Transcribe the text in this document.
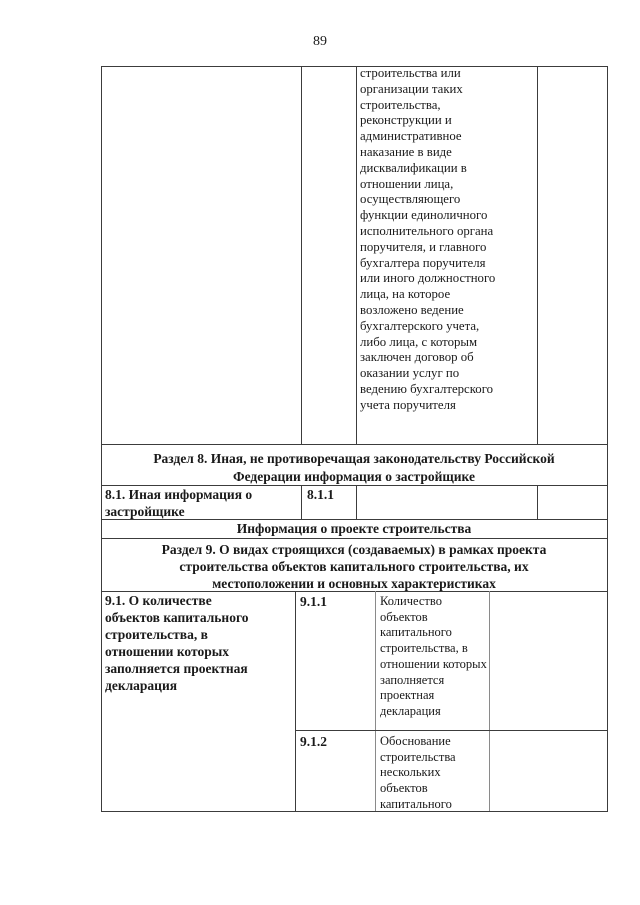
89
строительства или
организации таких
строительства,
реконструкции и
административное
наказание в виде
дисквалификации в
отношении лица,
осуществляющего
функции единоличного
исполнительного органа
поручителя, и главного
бухгалтера поручителя
или иного должностного
лица, на которое
возложено ведение
бухгалтерского учета,
либо лица, с которым
заключен договор об
оказании услуг по
ведению бухгалтерского
учета поручителя
Раздел 8. Иная, не противоречащая законодательству Российской
Федерации информация о застройщике
8.1. Иная информация о
застройщике
8.1.1
Информация о проекте строительства
Раздел 9. О видах строящихся (создаваемых) в рамках проекта
строительства объектов капитального строительства, их
местоположении и основных характеристиках
9.1. О количестве
объектов капитального
строительства, в
отношении которых
заполняется проектная
декларация
9.1.1	Количество
объектов
капитального
строительства, в
отношении которых
заполняется
проектная
декларация
9.1.2	Обоснование
строительства
нескольких
объектов
капитального
